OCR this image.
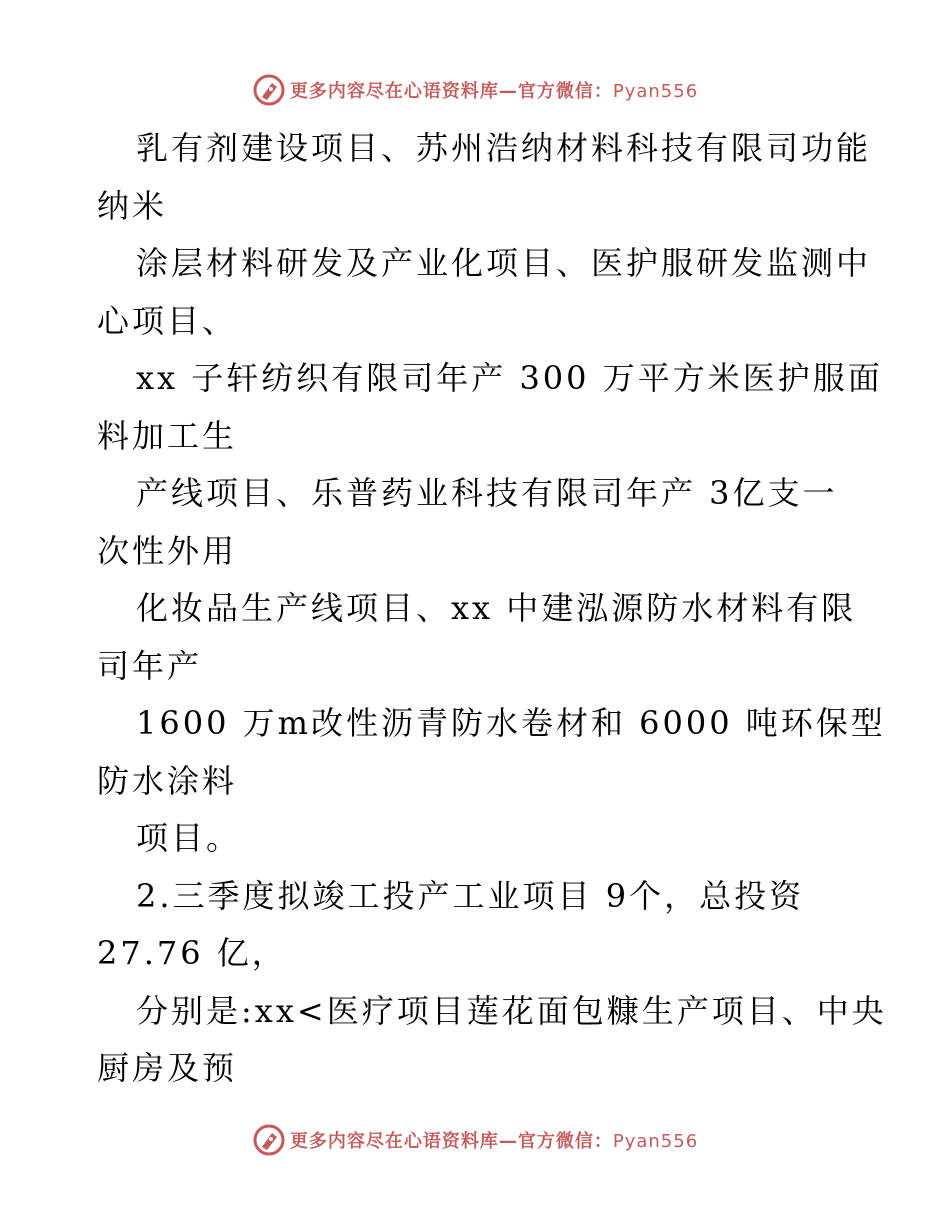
更多内容尽在心语资料库—官方微信：Pyan556
乳有剂建设项目、苏州浩纳材料科技有限司功能
纳米
涂层材料研发及产业化项目、医护服研发监测中
心项目、
xx 子轩纺织有限司年产 300 万平方米医护服面
料加工生
产线项目、乐普药业科技有限司年产 3亿支一
次性外用
化妆品生产线项目、xx 中建泓源防水材料有限
司年产
1600 万m改性沥青防水卷材和 6000 吨环保型
防水涂料
项目。
2.三季度拟竣工投产工业项目 9个，总投资
27.76 亿，
分别是:xx<医疗项目莲花面包糠生产项目、中央
厨房及预
更多内容尽在心语资料库—官方微信：Pyan556
